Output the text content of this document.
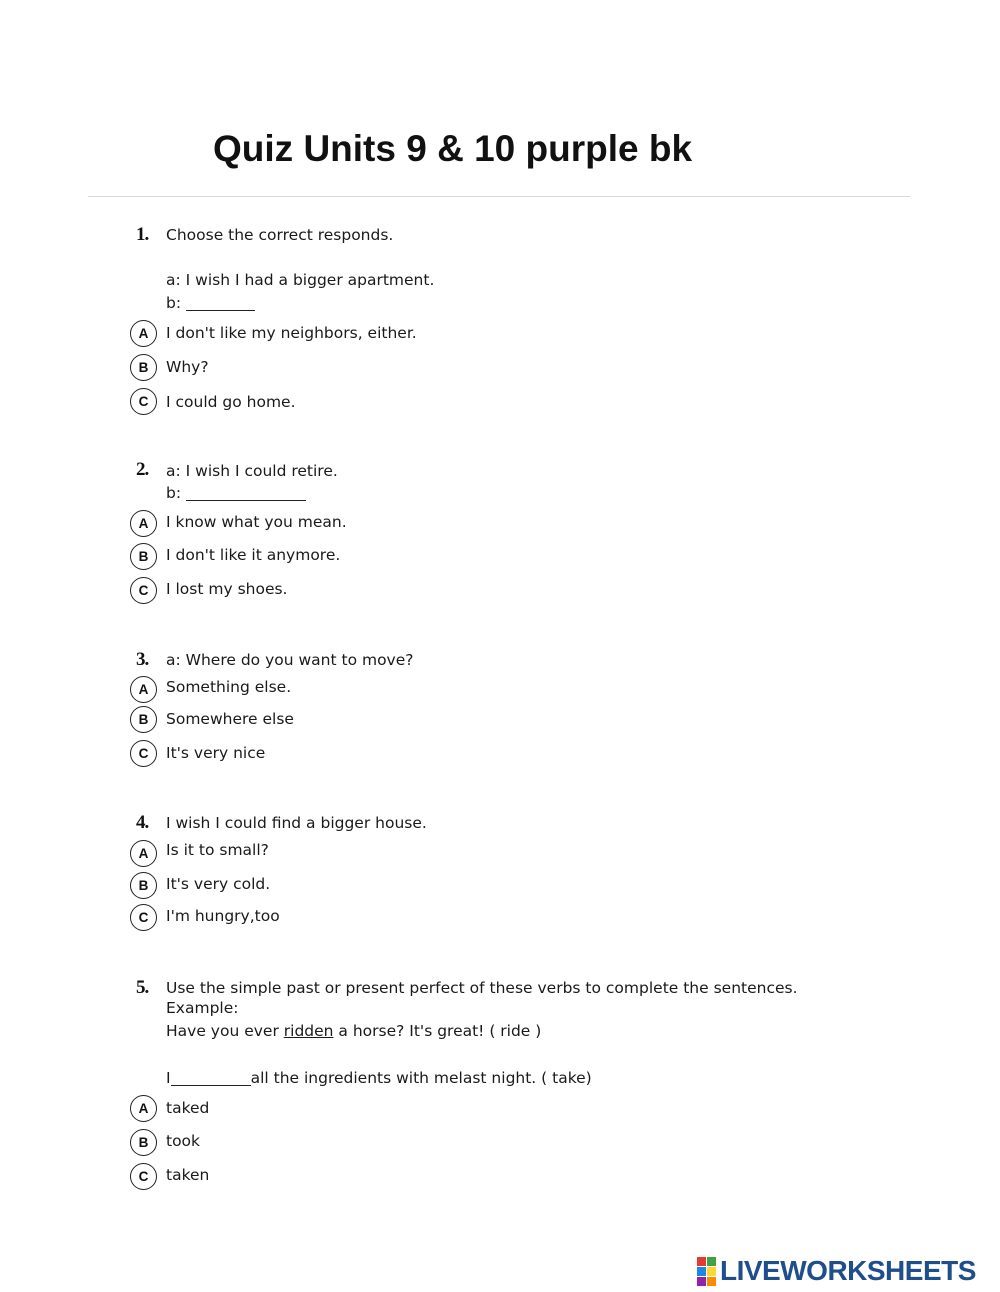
Quiz Units 9 & 10 purple bk
1. Choose the correct responds.
a: I wish I had a bigger apartment.
b:
A	I don't like my neighbors, either.
B	Why?
C	I could go home.
2. a: I wish I could retire.
b:
A	I know what you mean.
B	I don't like it anymore.
C	I lost my shoes.
3. a: Where do you want to move?
A	Something else.
B	Somewhere else
C	It's very nice
4. I wish I could find a bigger house.
A	Is it to small?
B	It's very cold.
C	I'm hungry,too
5. Use the simple past or present perfect of these verbs to complete the sentences.
Example:
Have you ever ridden a horse? It's great! ( ride )
I	all the ingredients with melast night. ( take)
A	taked
B	took
C	taken
LIVEWORKSHEETS
